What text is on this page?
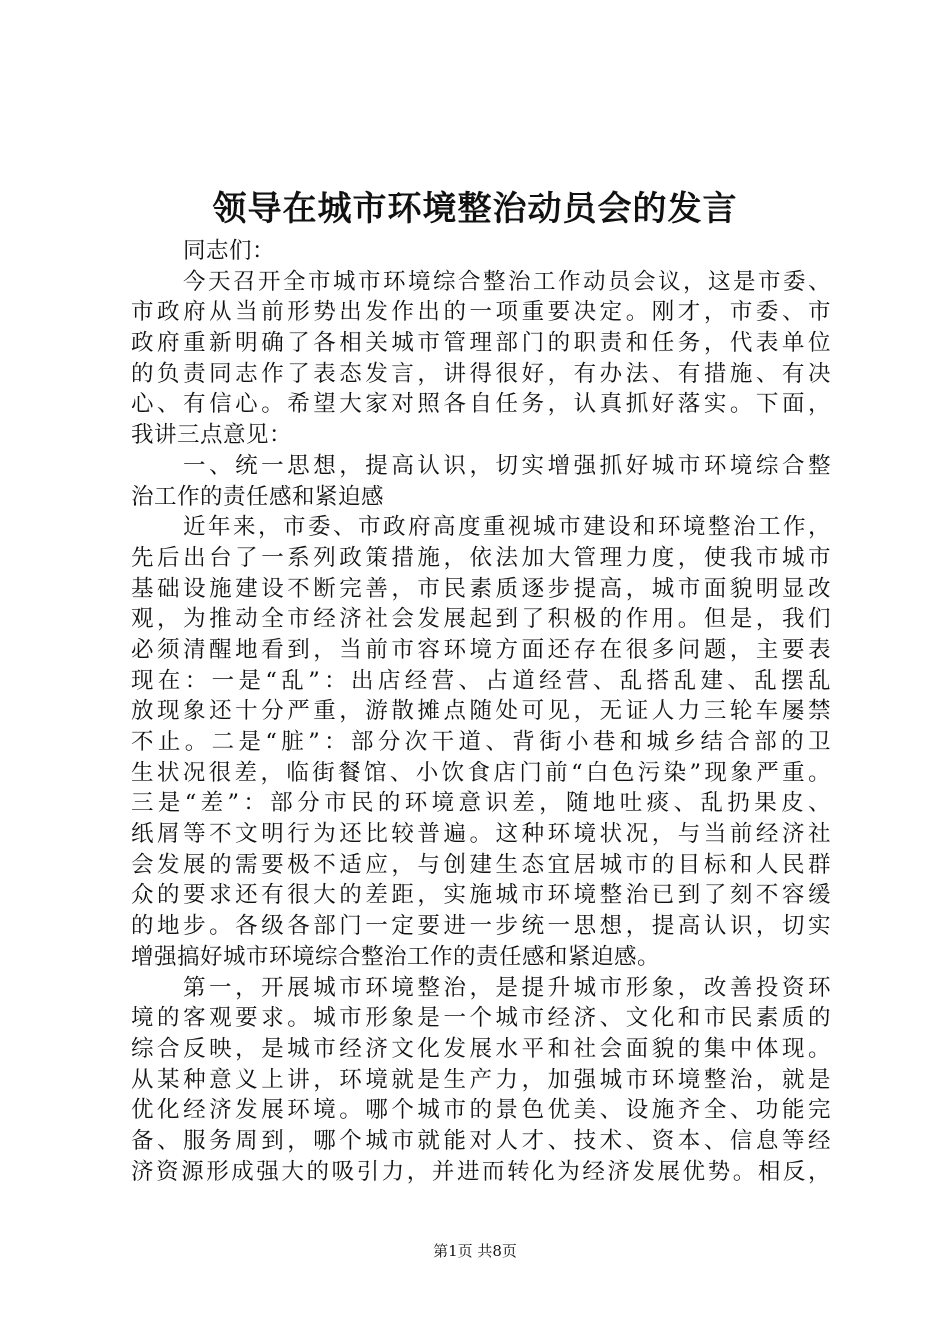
领导在城市环境整治动员会的发言
同志们：
今天召开全市城市环境综合整治工作动员会议，这是市委、
市政府从当前形势出发作出的一项重要决定。刚才，市委、市
政府重新明确了各相关城市管理部门的职责和任务，代表单位
的负责同志作了表态发言，讲得很好，有办法、有措施、有决
心、有信心。希望大家对照各自任务，认真抓好落实。下面，
我讲三点意见：
一、统一思想，提高认识，切实增强抓好城市环境综合整
治工作的责任感和紧迫感
近年来，市委、市政府高度重视城市建设和环境整治工作，
先后出台了一系列政策措施，依法加大管理力度，使我市城市
基础设施建设不断完善，市民素质逐步提高，城市面貌明显改
观，为推动全市经济社会发展起到了积极的作用。但是，我们
必须清醒地看到，当前市容环境方面还存在很多问题，主要表
现在：一是“乱”：出店经营、占道经营、乱搭乱建、乱摆乱
放现象还十分严重，游散摊点随处可见，无证人力三轮车屡禁
不止。二是“脏”：部分次干道、背街小巷和城乡结合部的卫
生状况很差，临街餐馆、小饮食店门前“白色污染”现象严重。
三是“差”：部分市民的环境意识差，随地吐痰、乱扔果皮、
纸屑等不文明行为还比较普遍。这种环境状况，与当前经济社
会发展的需要极不适应，与创建生态宜居城市的目标和人民群
众的要求还有很大的差距，实施城市环境整治已到了刻不容缓
的地步。各级各部门一定要进一步统一思想，提高认识，切实
增强搞好城市环境综合整治工作的责任感和紧迫感。
第一，开展城市环境整治，是提升城市形象，改善投资环
境的客观要求。城市形象是一个城市经济、文化和市民素质的
综合反映，是城市经济文化发展水平和社会面貌的集中体现。
从某种意义上讲，环境就是生产力，加强城市环境整治，就是
优化经济发展环境。哪个城市的景色优美、设施齐全、功能完
备、服务周到，哪个城市就能对人才、技术、资本、信息等经
济资源形成强大的吸引力，并进而转化为经济发展优势。相反，
第1页 共8页
